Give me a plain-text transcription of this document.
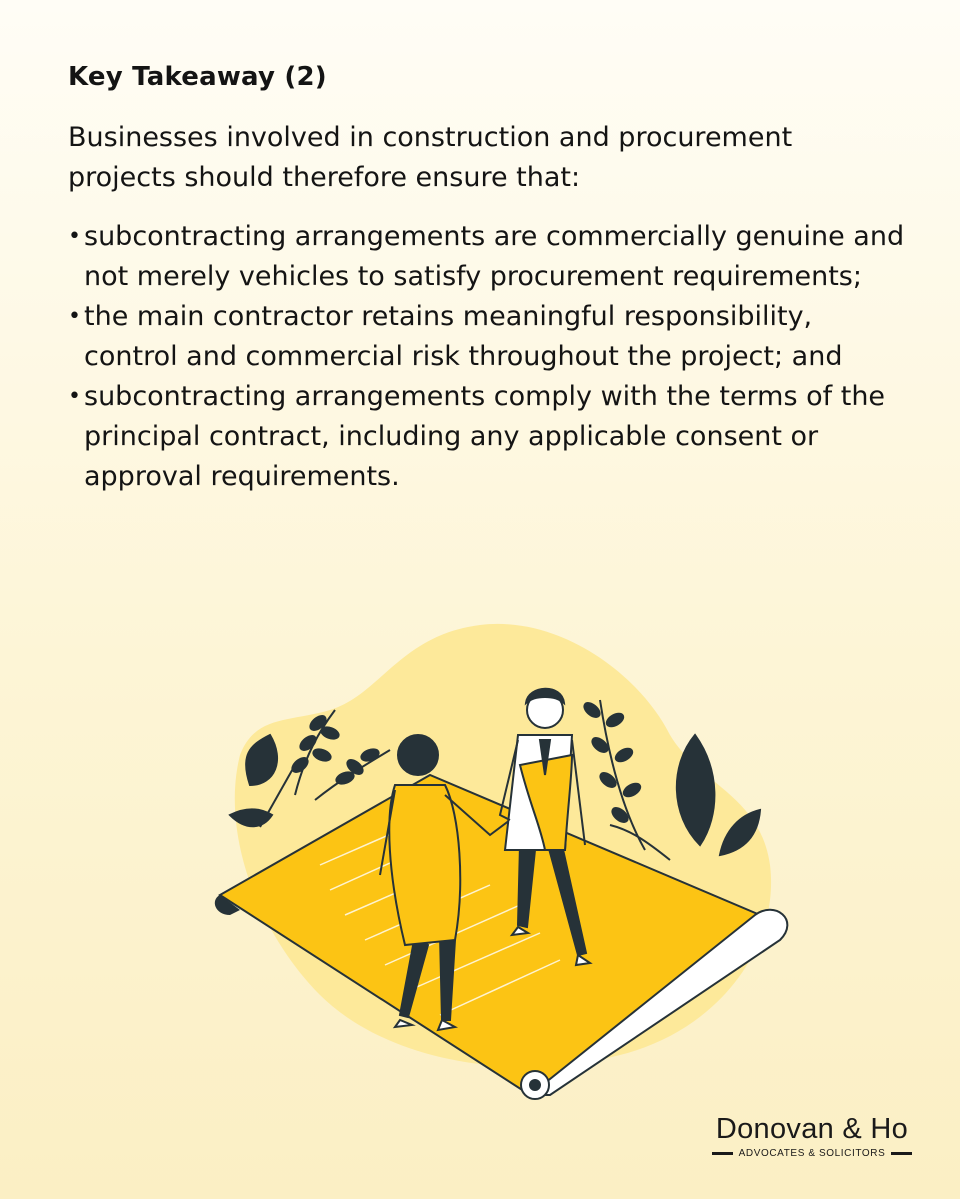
Key Takeaway (2)
Businesses involved in construction and procurement projects should therefore ensure that:
• subcontracting arrangements are commercially genuine and not merely vehicles to satisfy procurement requirements;
• the main contractor retains meaningful responsibility, control and commercial risk throughout the project; and
• subcontracting arrangements comply with the terms of the principal contract, including any applicable consent or approval requirements.
Donovan & Ho
ADVOCATES & SOLICITORS
